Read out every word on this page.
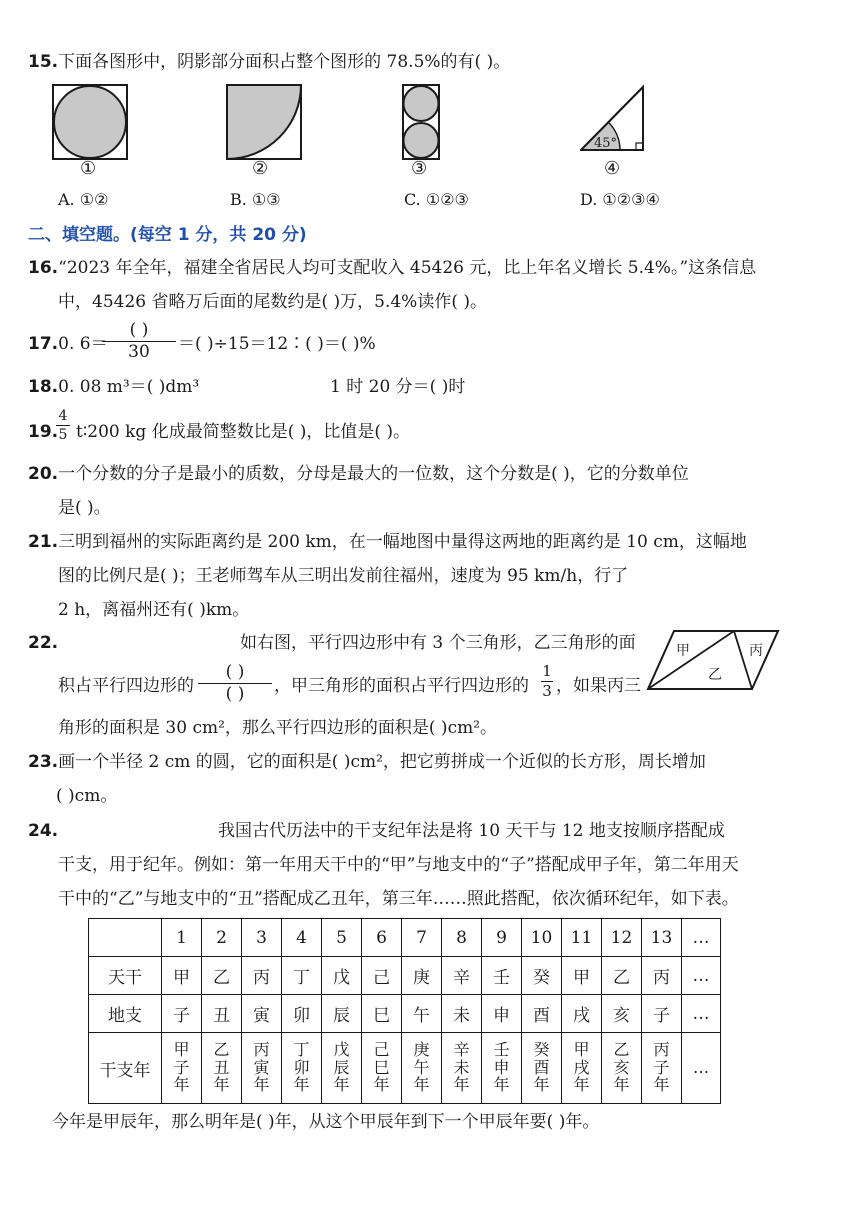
15.下面各图形中，阴影部分面积占整个图形的 78.5%的有( )。
①	②	③
45°
④
A. ①②	B. ①③	C. ①②③	D. ①②③④
二、填空题。(每空 1 分，共 20 分)
16.“2023 年全年，福建全省居民人均可支配收入 45426 元，比上年名义增长 5.4%。”这条信息
中，45426 省略万后面的尾数约是( )万，5.4%读作( )。
17.0. 6＝
( )
30	＝( )÷15＝12∶( )＝( )%
18.0. 08 m³＝( )dm³	1 时 20 分＝( )时
19.
$\frac{4}{5}$ t∶200 kg 化成最简整数比是( )，比值是( )。
20.一个分数的分子是最小的质数，分母是最大的一位数，这个分数是( )，它的分数单位
是( )。
21.三明到福州的实际距离约是 200 km，在一幅地图中量得这两地的距离约是 10 cm，这幅地
图的比例尺是( )；王老师驾车从三明出发前往福州，速度为 95 km/h，行了
2 h，离福州还有( )km。
22.	如右图，平行四边形中有 3 个三角形，乙三角形的面
积占平行四边形的
( )
( )	，甲三角形的面积占平行四边形的 $\frac{1}{3}$ ，如果丙三
角形的面积是 30 cm²，那么平行四边形的面积是( )cm²。
甲	丙
乙
23.画一个半径 2 cm 的圆，它的面积是( )cm²，把它剪拼成一个近似的长方形，周长增加
( )cm。
24.	我国古代历法中的干支纪年法是将 10 天干与 12 地支按顺序搭配成
干支，用于纪年。例如：第一年用天干中的“甲”与地支中的“子”搭配成甲子年，第二年用天
干中的“乙”与地支中的“丑”搭配成乙丑年，第三年……照此搭配，依次循环纪年，如下表。
	1	2	3	4	5	6	7	8	9	10	11	12	13	…
天干	甲	乙	丙	丁	戊	己	庚	辛	壬	癸	甲	乙	丙	…
地支	子	丑	寅	卯	辰	巳	午	未	申	酉	戌	亥	子	…
干支年	甲
子
年	乙
丑
年	丙
寅
年	丁
卯
年	戊
辰
年	己
巳
年	庚
午
年	辛
未
年	壬
申
年	癸
酉
年	甲
戌
年	乙
亥
年	丙
子
年	…
今年是甲辰年，那么明年是( )年，从这个甲辰年到下一个甲辰年要( )年。
